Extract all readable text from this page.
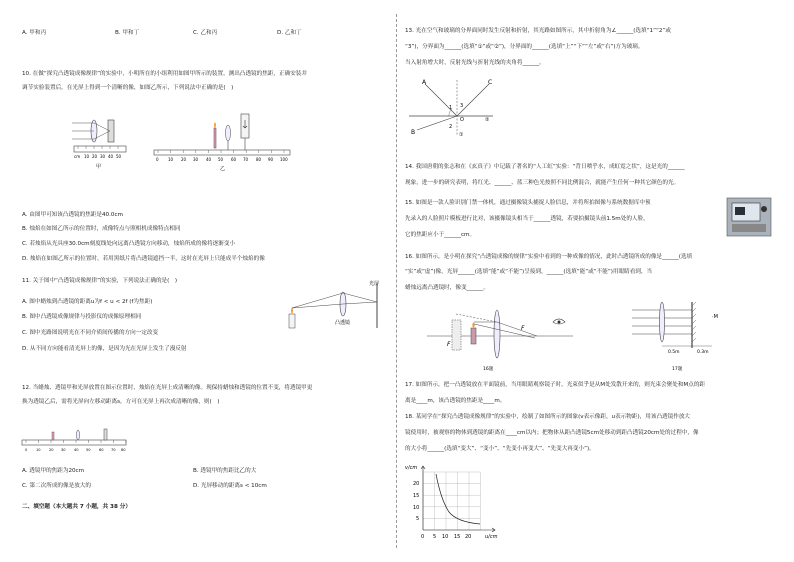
A. 甲和丙	B. 甲和丁	C. 乙和丙	D. 乙和丁
10. 在做“探究凸透镜成像规律”的实验中，小明所在的小组利用如图甲所示的装置，测出凸透镜的焦距，正确安装并
调节实验装置后，在光屏上得到一个清晰的像，如图乙所示，下列说法中正确的是(　)
cm 10 20 30 40 50
甲
0 10 20 30 40 50 60 70 80 90 100
乙
A. 由图甲可知该凸透镜的焦距是40.0cm
B. 烛焰在如图乙所示的位置时，成像特点与照相机成像特点相同
C. 若烛焰从光具座30.0cm刻度线处向远离凸透镜方向移动，烛焰所成的像将逐渐变小
D. 烛焰在如图乙所示的位置时，若用黑纸片将凸透镜遮挡一半，这时在光屏上只能成半个烛焰的像
11. 关于图中“凸透镜成像规律”的实验，下列说法正确的是(　)
A. 图中蜡烛到凸透镜的距离u为f < u < 2f (f为焦距)
B. 图中凸透镜成像规律与投影仪的成像原理相同
C. 图中光路图说明光在不同介质间传播的方向一定改变
D. 从不同方向能看清光屏上的像，是因为光在光屏上发生了漫反射
光屏
凸透镜
12. 当蜡烛、透镜甲和光屏放置在图示位置时，烛焰在光屏上成清晰的像。现保持蜡烛和透镜的位置不变，将透镜甲更
换为透镜乙后，需将光屏向左移动距离s，方可在光屏上再次成清晰的像，则(　)
0 10 20 30 40 50 60 70 80
A. 透镜甲的焦距为20cm	B. 透镜甲的焦距比乙的大
C. 第二次所成的像是放大的	D. 光屏移动的距离s < 10cm
二、填空题（本大题共 7 小题，共 38 分）
13. 光在空气和玻璃的分界面同时发生反射和折射，其光路如图所示，其中折射角为∠______(选填“1”“2”或
“3”)，分界面为______(选填“①”或“②”)，分界面的______(选填“上”“下”“左”或“右”)方为玻璃。
当入射角增大时，反射光线与折射光线的夹角将______。
A
B
C
O
1
2
3
①
②
14. 我国唐朝的张志和在《玄真子》中记载了著名的“人工虹”实验：“背日喷乎水，成虹霓之状”，这是光的______
现象，进一步的研究表明，将红光、______、蓝三种色光按照不同比例混合，就能产生任何一种其它颜色的光。
15. 如图是一款人脸识别门禁一体机，通过摄像镜头捕捉人脸信息，并将所拍图像与系统数据库中预
先录入的人脸照片模板进行比对，该摄像镜头相当于______透镜，若要拍摄镜头前1.5m处的人脸，
它的焦距应小于______cm。
16. 如图所示，是小明在探究“凸透镜成像的规律”实验中看到的一种成像的情况，此时凸透镜所成的像是______(选填
“实”或“虚”)像，光屏______(选填“能”或“不能”)呈接到，______(选填“能”或“不能”)用眼睛看到，当
蜡烛远离凸透镜时，像变______。
F
F
16题
·M
0.5m	0.3m
17题
17. 如图所示，把一凸透镜放在平面镜前，当用眼睛观察镜子时，光束似乎是从M处发散开来的，则光束会聚处和M点的距
离是____m，该凸透镜的焦距是____m。
18. 某同学在“探究凸透镜成像规律”的实验中，绘制了如图所示的图象(v表示像距，u表示物距)，用该凸透镜作放大
镜使用时，被观察的物体到透镜的距离在____cm以内；把物体从距凸透镜5cm处移动到距凸透镜20cm处的过程中，像
的大小将______(选填“变大”、“变小”、“先变小再变大”、“先变大再变小”)。
v/cm
u/cm
20
15
10
5
0 5 10 15 20
